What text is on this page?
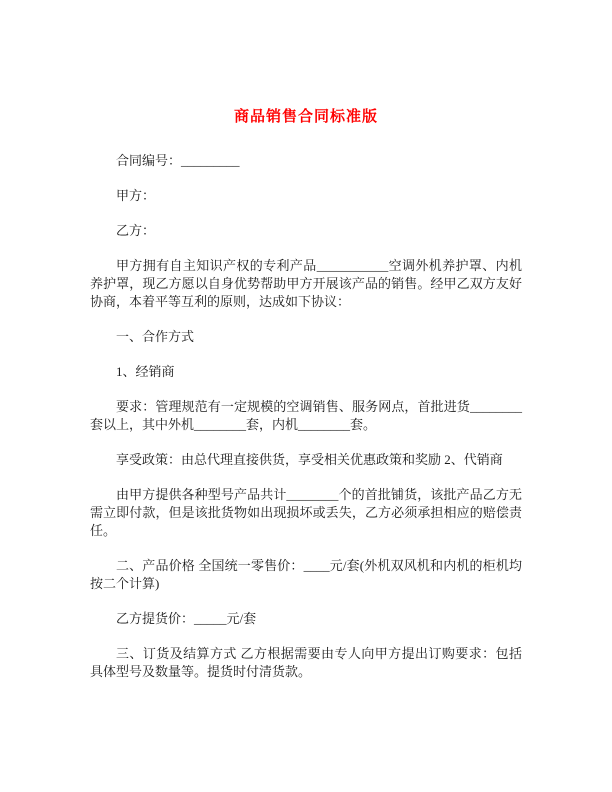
商品销售合同标准版

合同编号：_________

甲方：

乙方：

甲方拥有自主知识产权的专利产品___________空调外机养护罩、内机养护罩，现乙方愿以自身优势帮助甲方开展该产品的销售。经甲乙双方友好协商，本着平等互利的原则，达成如下协议：

一、合作方式

1、经销商

要求：管理规范有一定规模的空调销售、服务网点，首批进货________套以上，其中外机________套，内机________套。

享受政策：由总代理直接供货，享受相关优惠政策和奖励 2、代销商

由甲方提供各种型号产品共计________个的首批铺货，该批产品乙方无需立即付款，但是该批货物如出现损坏或丢失，乙方必须承担相应的赔偿责任。

二、产品价格 全国统一零售价：____元/套(外机双风机和内机的柜机均按二个计算)

乙方提货价：_____元/套

三、订货及结算方式 乙方根据需要由专人向甲方提出订购要求：包括具体型号及数量等。提货时付清货款。
